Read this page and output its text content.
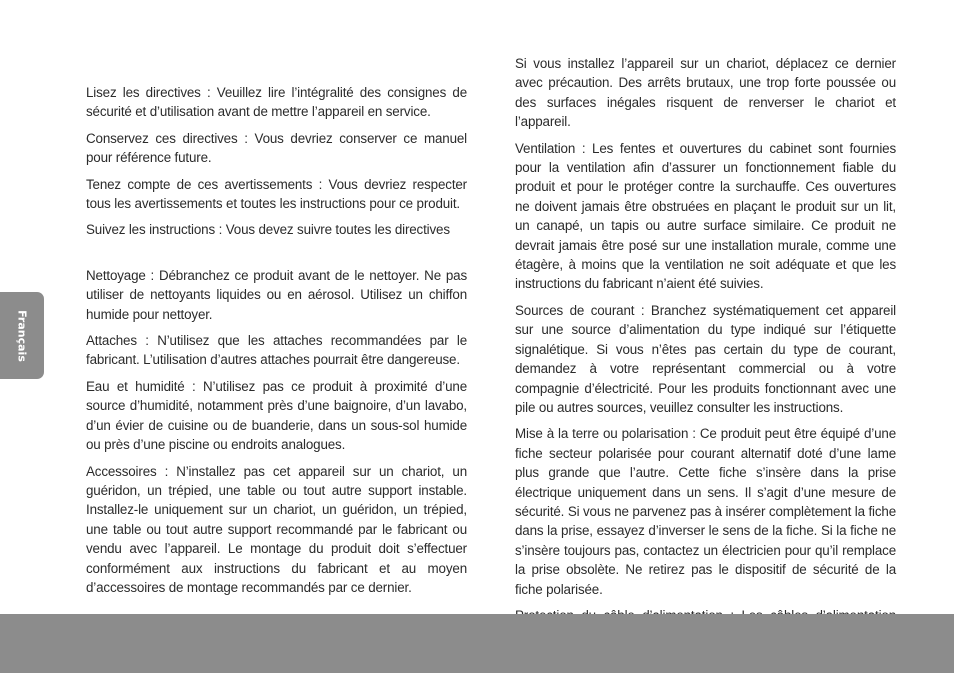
Lisez les directives : Veuillez lire l’intégralité des consignes de sécurité et d’utilisation avant de mettre l’appareil en service.

Conservez ces directives : Vous devriez conserver ce manuel pour référence future.

Tenez compte de ces avertissements : Vous devriez respecter tous les avertissements et toutes les instructions pour ce produit.

Suivez les instructions : Vous devez suivre toutes les directives

Nettoyage : Débranchez ce produit avant de le nettoyer. Ne pas utiliser de nettoyants liquides ou en aérosol. Utilisez un chiffon humide pour nettoyer.

Attaches : N’utilisez que les attaches recommandées par le fabricant. L’utilisation d’autres attaches pourrait être dangereuse.

Eau et humidité : N’utilisez pas ce produit à proximité d’une source d’humidité, notamment près d’une baignoire, d’un lavabo, d’un évier de cuisine ou de buanderie, dans un sous-sol humide ou près d’une piscine ou endroits analogues.

Accessoires : N’installez pas cet appareil sur un chariot, un guéridon, un trépied, une table ou tout autre support instable. Installez-le uniquement sur un chariot, un guéridon, un trépied, une table ou tout autre support recommandé par le fabricant ou vendu avec l’appareil. Le montage du produit doit s’effectuer conformément aux instructions du fabricant et au moyen d’accessoires de montage recommandés par ce dernier.

Si vous installez l’appareil sur un chariot, déplacez ce dernier avec précaution. Des arrêts brutaux, une trop forte poussée ou des surfaces inégales risquent de renverser le chariot et l’appareil.

Ventilation : Les fentes et ouvertures du cabinet sont fournies pour la ventilation afin d’assurer un fonctionnement fiable du produit et pour le protéger contre la surchauffe. Ces ouvertures ne doivent jamais être obstruées en plaçant le produit sur un lit, un canapé, un tapis ou autre surface similaire. Ce produit ne devrait jamais être posé sur une installation murale, comme une étagère, à moins que la ventilation ne soit adéquate et que les instructions du fabricant n’aient été suivies.

Sources de courant : Branchez systématiquement cet appareil sur une source d’alimentation du type indiqué sur l’étiquette signalétique. Si vous n’êtes pas certain du type de courant, demandez à votre représentant commercial ou à votre compagnie d’électricité. Pour les produits fonctionnant avec une pile ou autres sources, veuillez consulter les instructions.

Mise à la terre ou polarisation : Ce produit peut être équipé d’une fiche secteur polarisée pour courant alternatif doté d’une lame plus grande que l’autre. Cette fiche s’insère dans la prise électrique uniquement dans un sens. Il s’agit d’une mesure de sécurité. Si vous ne parvenez pas à insérer complètement la fiche dans la prise, essayez d’inverser le sens de la fiche. Si la fiche ne s’insère toujours pas, contactez un électricien pour qu’il remplace la prise obsolète. Ne retirez pas le dispositif de sécurité de la fiche polarisée.

Français
